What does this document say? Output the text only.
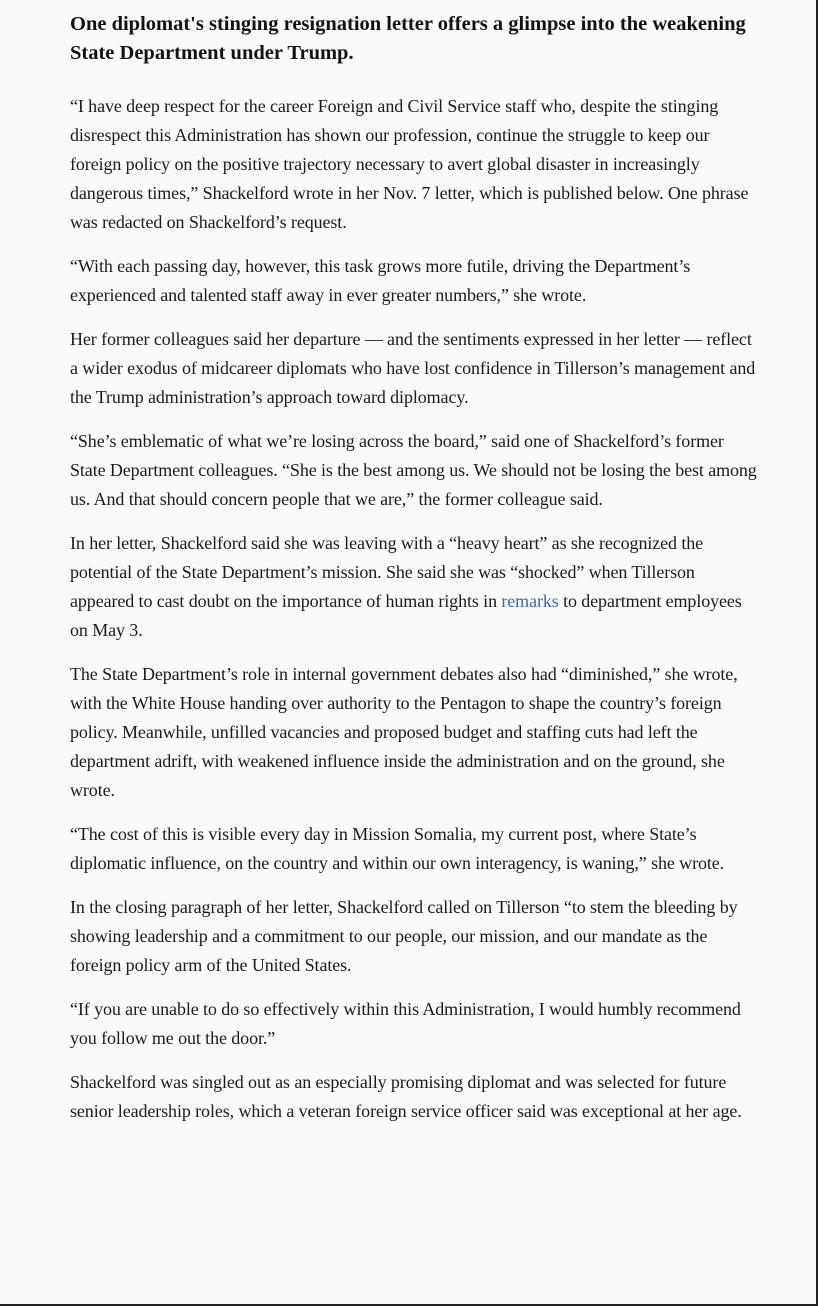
One diplomat's stinging resignation letter offers a glimpse into the weakening State Department under Trump.

“I have deep respect for the career Foreign and Civil Service staff who, despite the stinging disrespect this Administration has shown our profession, continue the struggle to keep our foreign policy on the positive trajectory necessary to avert global disaster in increasingly dangerous times,” Shackelford wrote in her Nov. 7 letter, which is published below. One phrase was redacted on Shackelford’s request.

“With each passing day, however, this task grows more futile, driving the Department’s experienced and talented staff away in ever greater numbers,” she wrote.

Her former colleagues said her departure — and the sentiments expressed in her letter — reflect a wider exodus of midcareer diplomats who have lost confidence in Tillerson’s management and the Trump administration’s approach toward diplomacy.

“She’s emblematic of what we’re losing across the board,” said one of Shackelford’s former State Department colleagues. “She is the best among us. We should not be losing the best among us. And that should concern people that we are,” the former colleague said.

In her letter, Shackelford said she was leaving with a “heavy heart” as she recognized the potential of the State Department’s mission. She said she was “shocked” when Tillerson appeared to cast doubt on the importance of human rights in remarks to department employees on May 3.

The State Department’s role in internal government debates also had “diminished,” she wrote, with the White House handing over authority to the Pentagon to shape the country’s foreign policy. Meanwhile, unfilled vacancies and proposed budget and staffing cuts had left the department adrift, with weakened influence inside the administration and on the ground, she wrote.

“The cost of this is visible every day in Mission Somalia, my current post, where State’s diplomatic influence, on the country and within our own interagency, is waning,” she wrote.

In the closing paragraph of her letter, Shackelford called on Tillerson “to stem the bleeding by showing leadership and a commitment to our people, our mission, and our mandate as the foreign policy arm of the United States.

“If you are unable to do so effectively within this Administration, I would humbly recommend you follow me out the door.”

Shackelford was singled out as an especially promising diplomat and was selected for future senior leadership roles, which a veteran foreign service officer said was exceptional at her age.
